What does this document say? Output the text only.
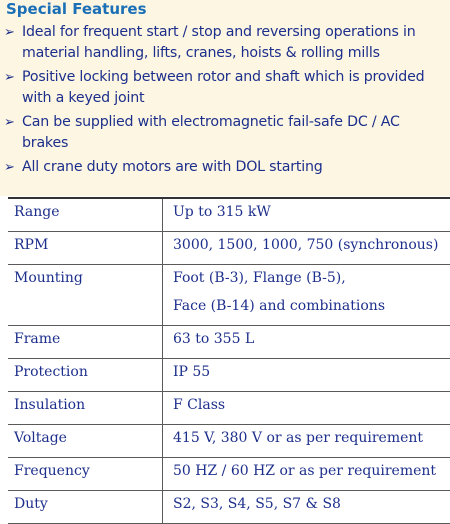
Special Features
➢ Ideal for frequent start / stop and reversing operations in material handling, lifts, cranes, hoists & rolling mills
➢ Positive locking between rotor and shaft which is provided with a keyed joint
➢ Can be supplied with electromagnetic fail-safe DC / AC brakes
➢ All crane duty motors are with DOL starting
Range	Up to 315 kW
RPM	3000, 1500, 1000, 750 (synchronous)
Mounting	Foot (B-3), Flange (B-5),
Face (B-14) and combinations

Frame	63 to 355 L
Protection	IP 55
Insulation	F Class
Voltage	415 V, 380 V or as per requirement
Frequency	50 HZ / 60 HZ or as per requirement
Duty	S2, S3, S4, S5, S7 & S8
